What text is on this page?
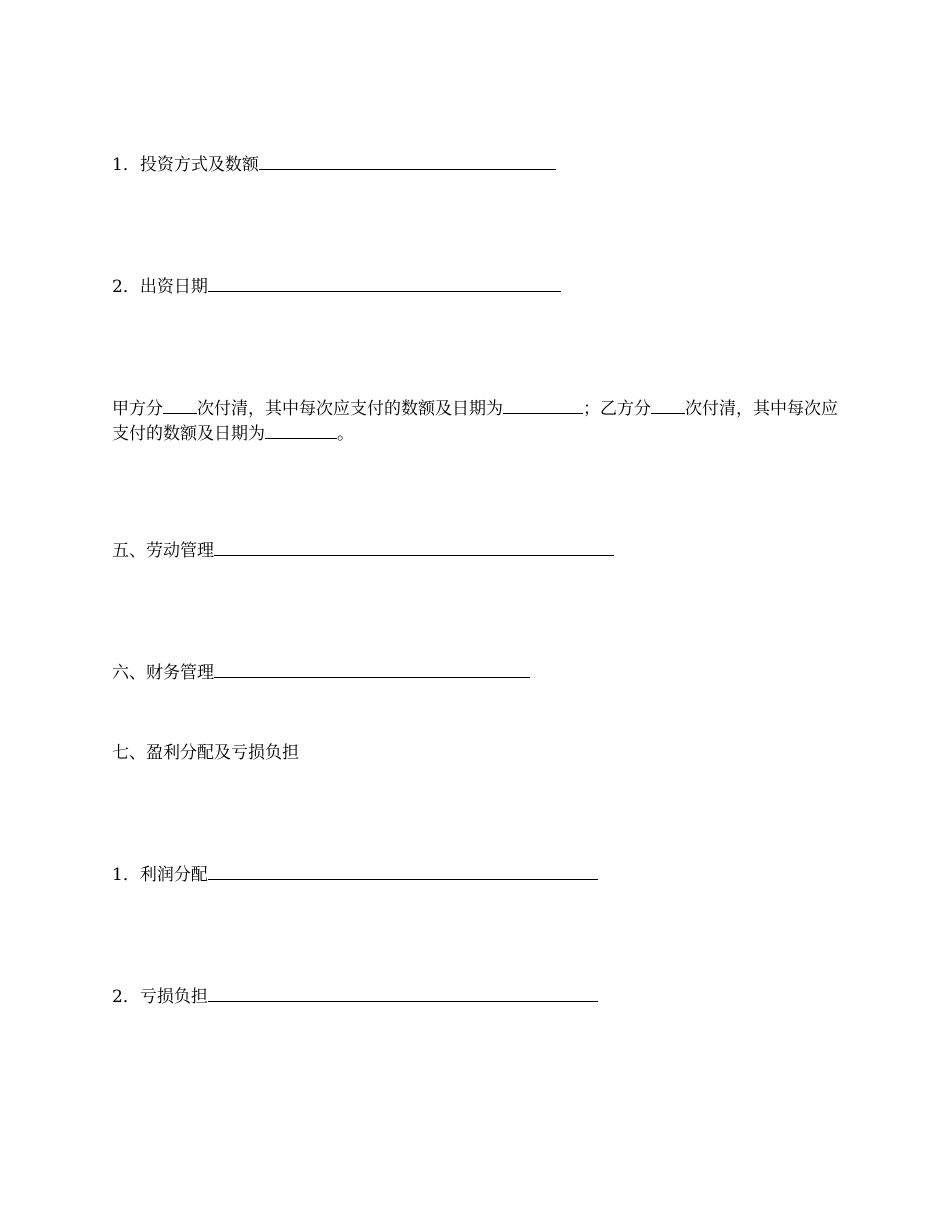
1．投资方式及数额
2．出资日期
甲方分 次付清，其中每次应支付的数额及日期为	；乙方分 次付清，其中每次应支付的数额及日期为	。
五、劳动管理
六、财务管理
七、盈利分配及亏损负担
1．利润分配
2．亏损负担
